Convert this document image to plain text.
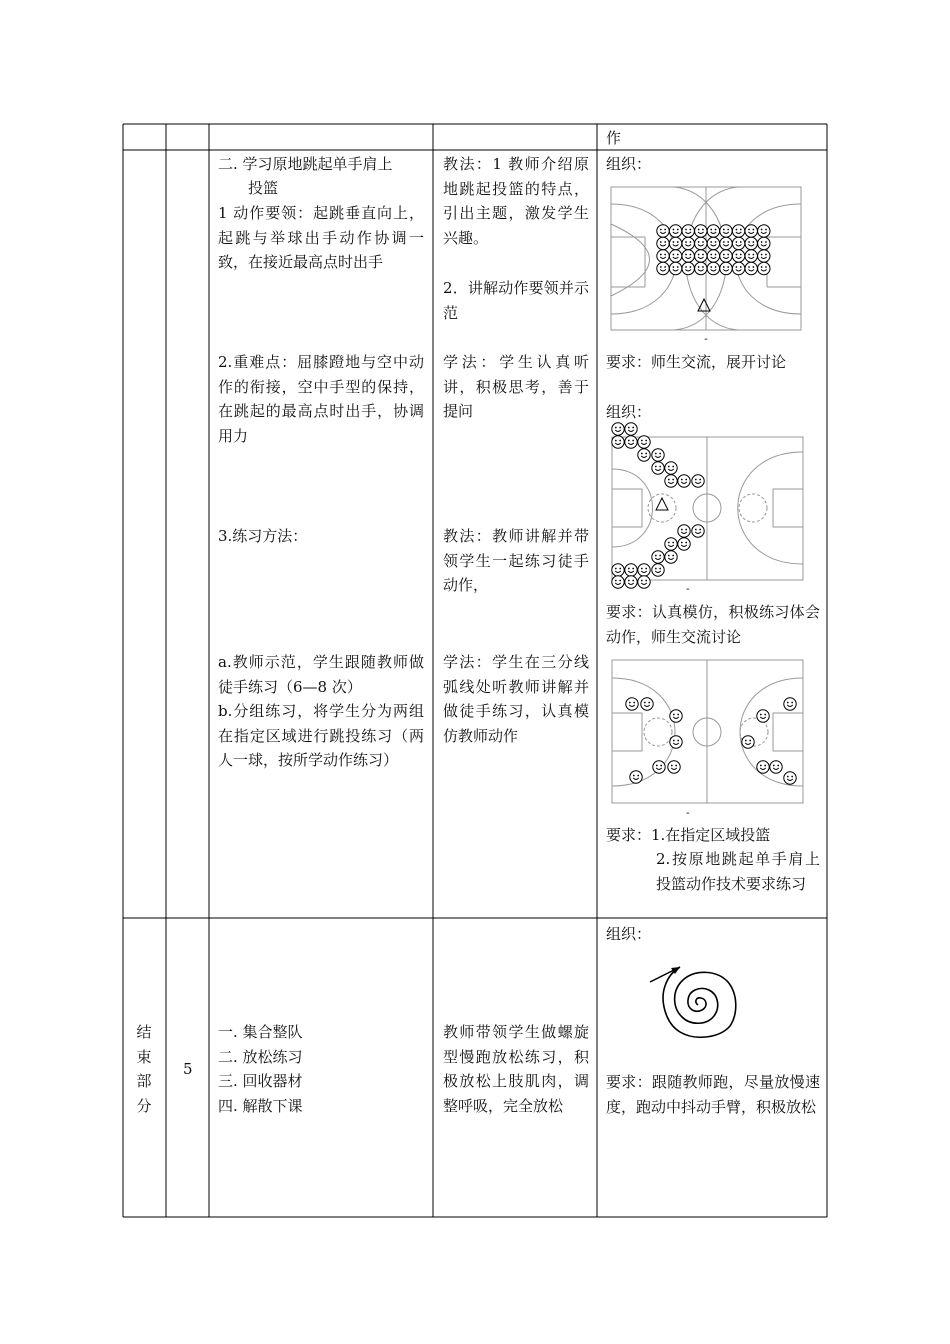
作
二. 学习原地跳起单手肩上
投篮
1 动作要领：起跳垂直向上，起跳与举球出手动作协调一致，在接近最高点时出手
2.重难点：屈膝蹬地与空中动作的衔接，空中手型的保持，在跳起的最高点时出手，协调用力
3.练习方法：
a.教师示范，学生跟随教师做徒手练习（6—8 次）
b.分组练习，将学生分为两组在指定区域进行跳投练习（两人一球，按所学动作练习）
教法：1 教师介绍原地跳起投篮的特点，引出主题，激发学生兴趣。
2．讲解动作要领并示范
学法：学生认真听讲，积极思考，善于提问
教法：教师讲解并带领学生一起练习徒手动作，
学法：学生在三分线弧线处听教师讲解并做徒手练习，认真模仿教师动作
组织：
-
要求：师生交流，展开讨论
组织：
-
要求：认真模仿，积极练习体会动作，师生交流讨论
-
要求：1.在指定区域投篮
2.按原地跳起单手肩上投篮动作技术要求练习
结
束
部
分
5

一. 集合整队

二. 放松练习

三. 回收器材

四. 解散下课

教师带领学生做螺旋型慢跑放松练习，积极放松上肢肌肉，调整呼吸，完全放松
组织：
要求：跟随教师跑，尽量放慢速度，跑动中抖动手臂，积极放松
